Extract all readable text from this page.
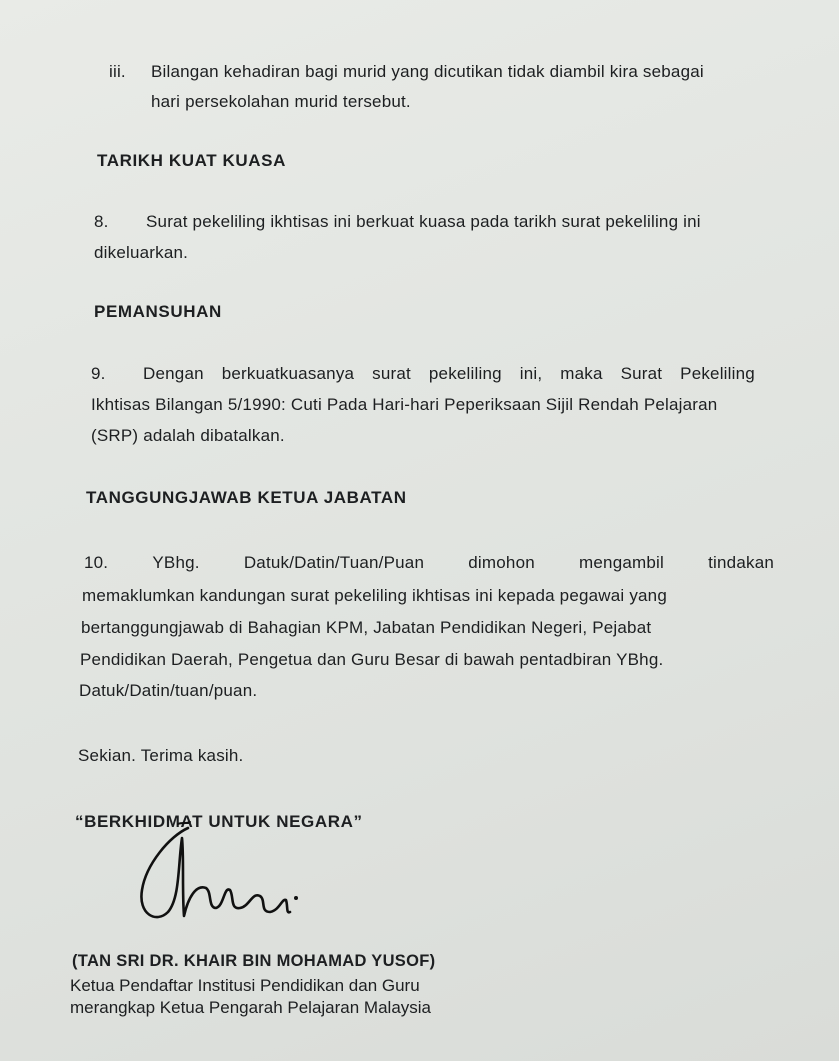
iii. Bilangan kehadiran bagi murid yang dicutikan tidak diambil kira sebagai
hari persekolahan murid tersebut.
TARIKH KUAT KUASA
8. Surat pekeliling ikhtisas ini berkuat kuasa pada tarikh surat pekeliling ini
dikeluarkan.
PEMANSUHAN
9. Dengan berkuatkuasanya surat pekeliling ini, maka Surat Pekeliling
Ikhtisas Bilangan 5/1990: Cuti Pada Hari-hari Peperiksaan Sijil Rendah Pelajaran
(SRP) adalah dibatalkan.
TANGGUNGJAWAB KETUA JABATAN
10.	YBhg.	Datuk/Datin/Tuan/Puan	dimohon	mengambil	tindakan
memaklumkan kandungan surat pekeliling ikhtisas ini kepada pegawai yang
bertanggungjawab di Bahagian KPM, Jabatan Pendidikan Negeri, Pejabat
Pendidikan Daerah, Pengetua dan Guru Besar di bawah pentadbiran YBhg.
Datuk/Datin/tuan/puan.
Sekian. Terima kasih.
“BERKHIDMAT UNTUK NEGARA”
(TAN SRI DR. KHAIR BIN MOHAMAD YUSOF)
Ketua Pendaftar Institusi Pendidikan dan Guru
merangkap Ketua Pengarah Pelajaran Malaysia
